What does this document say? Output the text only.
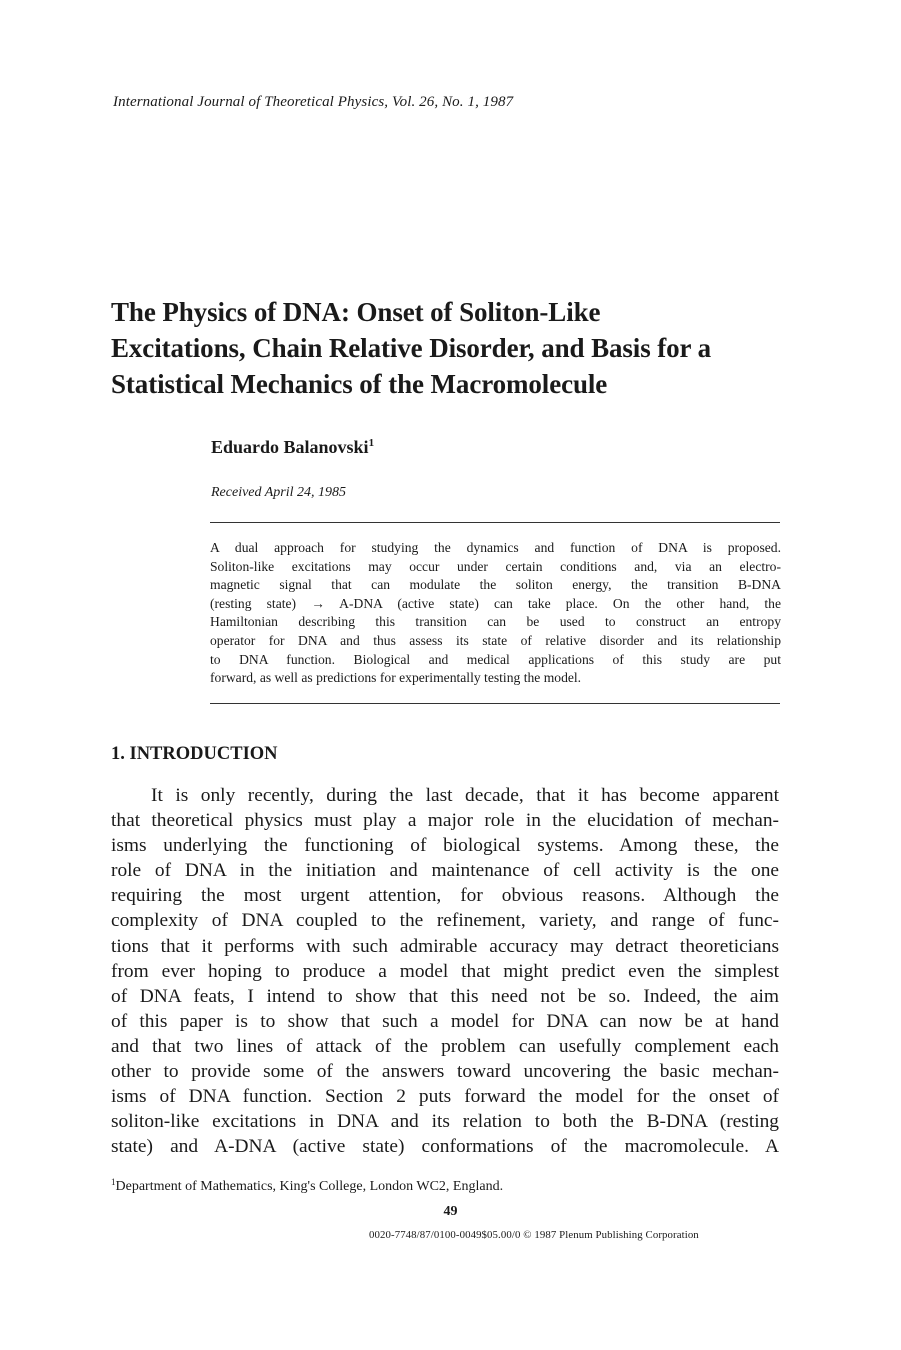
International Journal of Theoretical Physics, Vol. 26, No. 1, 1987
The Physics of DNA: Onset of Soliton-Like
Excitations, Chain Relative Disorder, and Basis for a
Statistical Mechanics of the Macromolecule
Eduardo Balanovski$^1$
Received April 24, 1985
A dual approach for studying the dynamics and function of DNA is proposed.
Soliton-like excitations may occur under certain conditions and, via an electro-
magnetic signal that can modulate the soliton energy, the transition B-DNA
(resting state) → A-DNA (active state) can take place. On the other hand, the
Hamiltonian describing this transition can be used to construct an entropy
operator for DNA and thus assess its state of relative disorder and its relationship
to DNA function. Biological and medical applications of this study are put
forward, as well as predictions for experimentally testing the model.
1. INTRODUCTION
It is only recently, during the last decade, that it has become apparent
that theoretical physics must play a major role in the elucidation of mechan-
isms underlying the functioning of biological systems. Among these, the
role of DNA in the initiation and maintenance of cell activity is the one
requiring the most urgent attention, for obvious reasons. Although the
complexity of DNA coupled to the refinement, variety, and range of func-
tions that it performs with such admirable accuracy may detract theoreticians
from ever hoping to produce a model that might predict even the simplest
of DNA feats, I intend to show that this need not be so. Indeed, the aim
of this paper is to show that such a model for DNA can now be at hand
and that two lines of attack of the problem can usefully complement each
other to provide some of the answers toward uncovering the basic mechan-
isms of DNA function. Section 2 puts forward the model for the onset of
soliton-like excitations in DNA and its relation to both the B-DNA (resting
state) and A-DNA (active state) conformations of the macromolecule. A
$^1$Department of Mathematics, King's College, London WC2, England.
49
0020-7748/87/0100-0049$05.00/0 © 1987 Plenum Publishing Corporation
